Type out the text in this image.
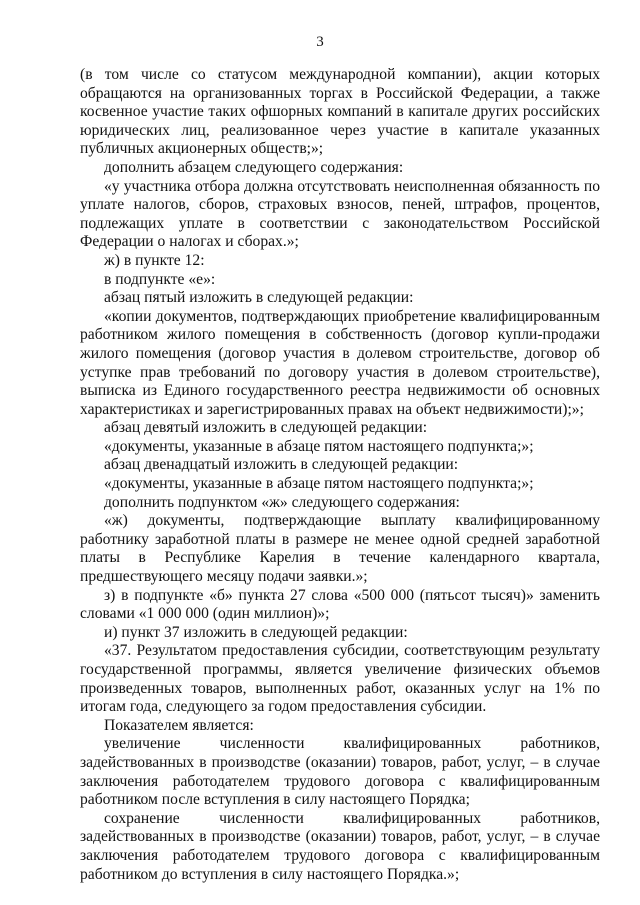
3

(в том числе со статусом международной компании), акции которых обращаются на организованных торгах в Российской Федерации, а также косвенное участие таких офшорных компаний в капитале других российских юридических лиц, реализованное через участие в капитале указанных публичных акционерных обществ;»;

дополнить абзацем следующего содержания:

«у участника отбора должна отсутствовать неисполненная обязанность по уплате налогов, сборов, страховых взносов, пеней, штрафов, процентов, подлежащих уплате в соответствии с законодательством Российской Федерации о налогах и сборах.»;

ж) в пункте 12:

в подпункте «е»:

абзац пятый изложить в следующей редакции:

«копии документов, подтверждающих приобретение квалифицированным работником жилого помещения в собственность (договор купли-продажи жилого помещения (договор участия в долевом строительстве, договор об уступке прав требований по договору участия в долевом строительстве), выписка из Единого государственного реестра недвижимости об основных характеристиках и зарегистрированных правах на объект недвижимости);»;

абзац девятый изложить в следующей редакции:

«документы, указанные в абзаце пятом настоящего подпункта;»;

абзац двенадцатый изложить в следующей редакции:

«документы, указанные в абзаце пятом настоящего подпункта;»;

дополнить подпунктом «ж» следующего содержания:

«ж) документы, подтверждающие выплату квалифицированному работнику заработной платы в размере не менее одной средней заработной платы в Республике Карелия в течение календарного квартала, предшествующего месяцу подачи заявки.»;

з) в подпункте «б» пункта 27 слова «500 000 (пятьсот тысяч)» заменить словами «1 000 000 (один миллион)»;

и) пункт 37 изложить в следующей редакции:

«37. Результатом предоставления субсидии, соответствующим результату государственной программы, является увеличение физических объемов произведенных товаров, выполненных работ, оказанных услуг на 1% по итогам года, следующего за годом предоставления субсидии.

Показателем является:

увеличение численности квалифицированных работников, задействованных в производстве (оказании) товаров, работ, услуг, – в случае заключения работодателем трудового договора с квалифицированным работником после вступления в силу настоящего Порядка;

сохранение численности квалифицированных работников, задействованных в производстве (оказании) товаров, работ, услуг, – в случае заключения работодателем трудового договора с квалифицированным работником до вступления в силу настоящего Порядка.»;
